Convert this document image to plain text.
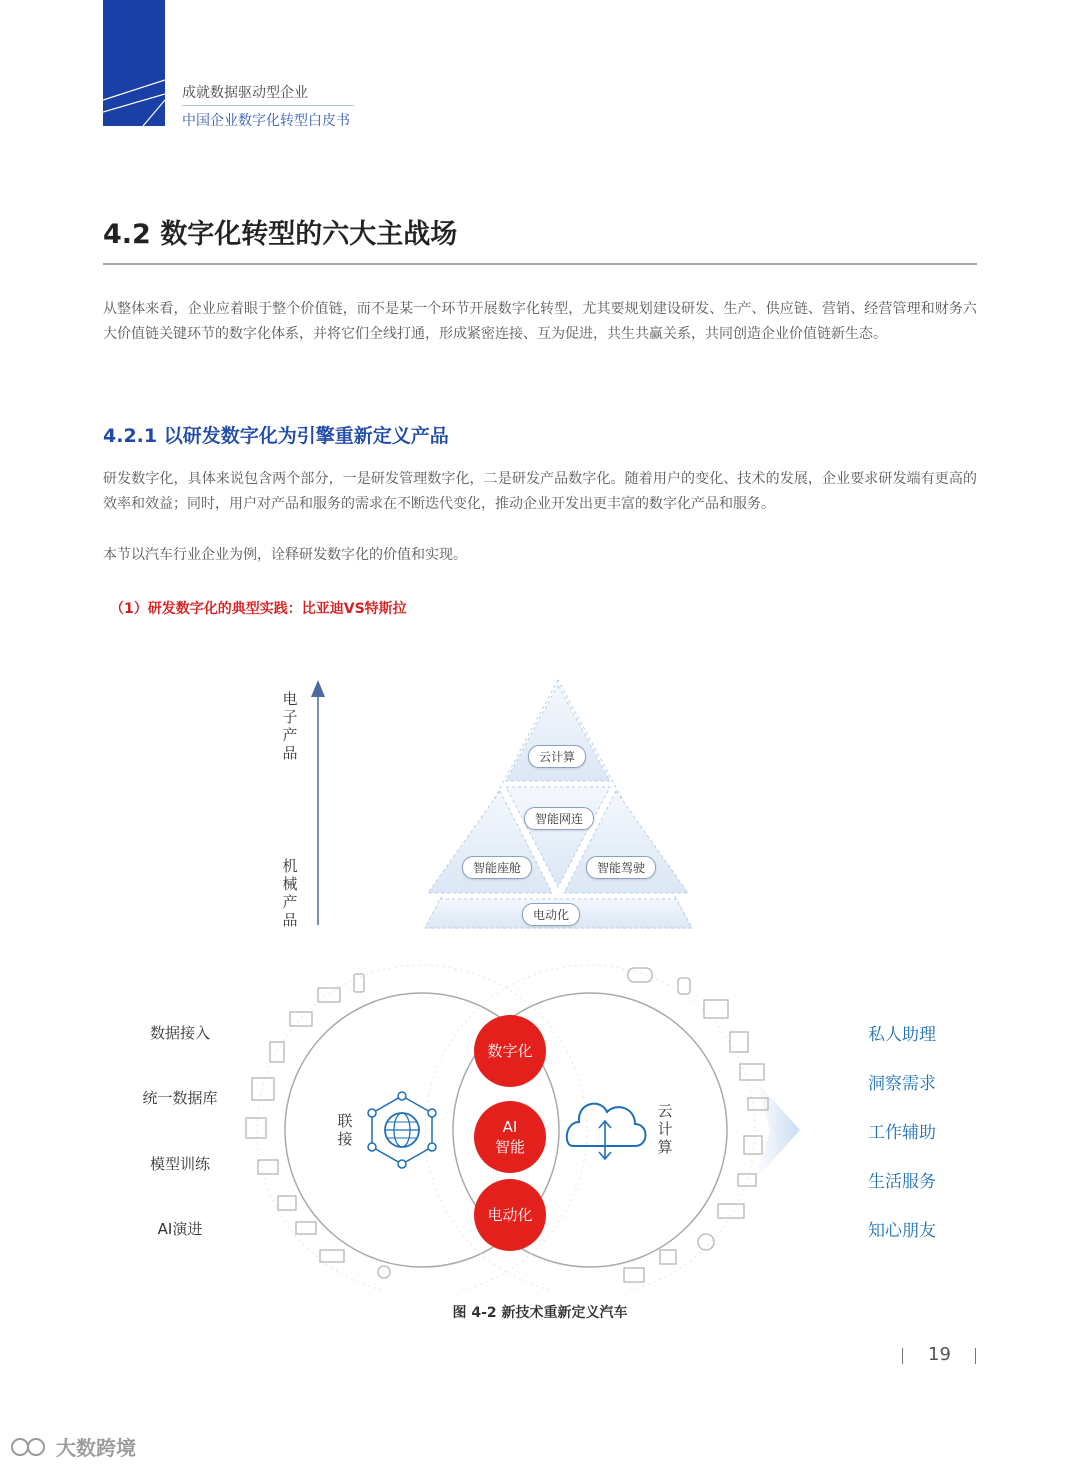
成就数据驱动型企业
中国企业数字化转型白皮书
4.2 数字化转型的六大主战场
从整体来看，企业应着眼于整个价值链，而不是某一个环节开展数字化转型，尤其要规划建设研发、生产、供应链、营销、经营管理和财务六大价值链关键环节的数字化体系，并将它们全线打通，形成紧密连接、互为促进，共生共赢关系，共同创造企业价值链新生态。
4.2.1 以研发数字化为引擎重新定义产品
研发数字化，具体来说包含两个部分，一是研发管理数字化，二是研发产品数字化。随着用户的变化、技术的发展，企业要求研发端有更高的效率和效益；同时，用户对产品和服务的需求在不断迭代变化，推动企业开发出更丰富的数字化产品和服务。
本节以汽车行业企业为例，诠释研发数字化的价值和实现。
（1）研发数字化的典型实践：比亚迪VS特斯拉
电子产品
机械产品
云计算
智能网连
智能座舱	智能驾驶
电动化
数据接入
统一数据库
模型训练
AI演进
联接
云计算
数字化
AI
智能
电动化
私人助理
洞察需求
工作辅助
生活服务
知心朋友
图 4-2 新技术重新定义汽车
19
大数跨境
